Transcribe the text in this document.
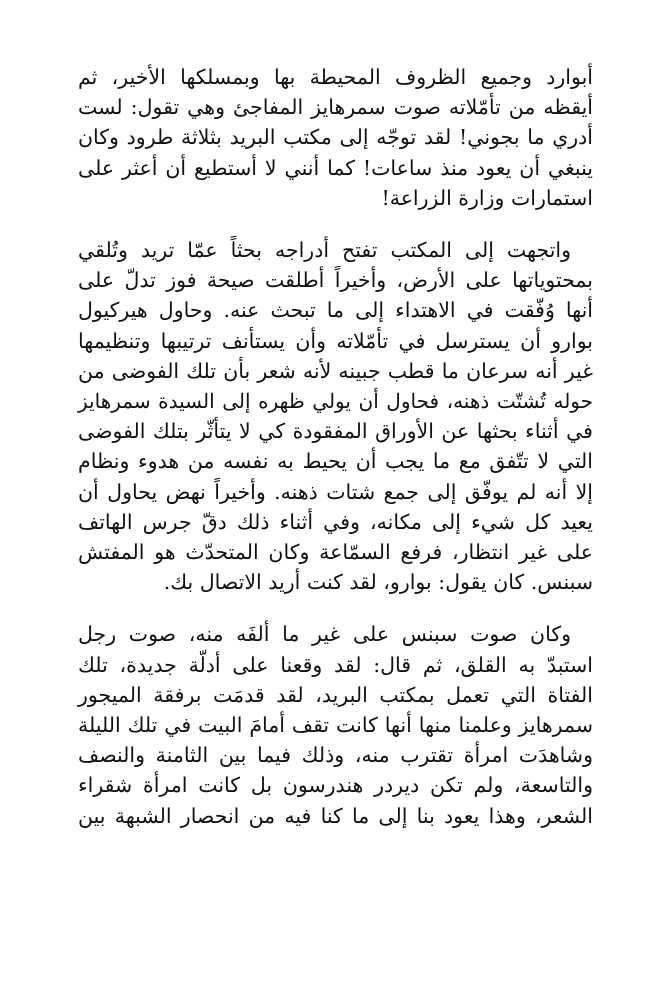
أبوارد وجميع الظروف المحيطة بها وبمسلكها الأخير، ثم
أيقظه من تأمّلاته صوت سمرهايز المفاجئ وهي تقول: لست
أدري ما بجوني! لقد توجّه إلى مكتب البريد بثلاثة طرود وكان
ينبغي أن يعود منذ ساعات! كما أنني لا أستطيع أن أعثر على
استمارات وزارة الزراعة!
واتجهت إلى المكتب تفتح أدراجه بحثاً عمّا تريد وتُلقي
بمحتوياتها على الأرض، وأخيراً أطلقت صيحة فوز تدلّ على
أنها وُفّقت في الاهتداء إلى ما تبحث عنه. وحاول هيركيول
بوارو أن يسترسل في تأمّلاته وأن يستأنف ترتيبها وتنظيمها
غير أنه سرعان ما قطب جبينه لأنه شعر بأن تلك الفوضى من
حوله تُشتّت ذهنه، فحاول أن يولي ظهره إلى السيدة سمرهايز
في أثناء بحثها عن الأوراق المفقودة كي لا يتأثّر بتلك الفوضى
التي لا تتّفق مع ما يجب أن يحيط به نفسه من هدوء ونظام
إلا أنه لم يوفّق إلى جمع شتات ذهنه. وأخيراً نهض يحاول أن
يعيد كل شيء إلى مكانه، وفي أثناء ذلك دقّ جرس الهاتف
على غير انتظار، فرفع السمّاعة وكان المتحدّث هو المفتش
سبنس. كان يقول: بوارو، لقد كنت أريد الاتصال بك.
وكان صوت سبنس على غير ما ألفَه منه، صوت رجل
استبدّ به القلق، ثم قال: لقد وقعنا على أدلّة جديدة، تلك
الفتاة التي تعمل بمكتب البريد، لقد قدمَت برفقة الميجور
سمرهايز وعلمنا منها أنها كانت تقف أمامَ البيت في تلك الليلة
وشاهدَت امرأة تقترب منه، وذلك فيما بين الثامنة والنصف
والتاسعة، ولم تكن ديردر هندرسون بل كانت امرأة شقراء
الشعر، وهذا يعود بنا إلى ما كنا فيه من انحصار الشبهة بين
